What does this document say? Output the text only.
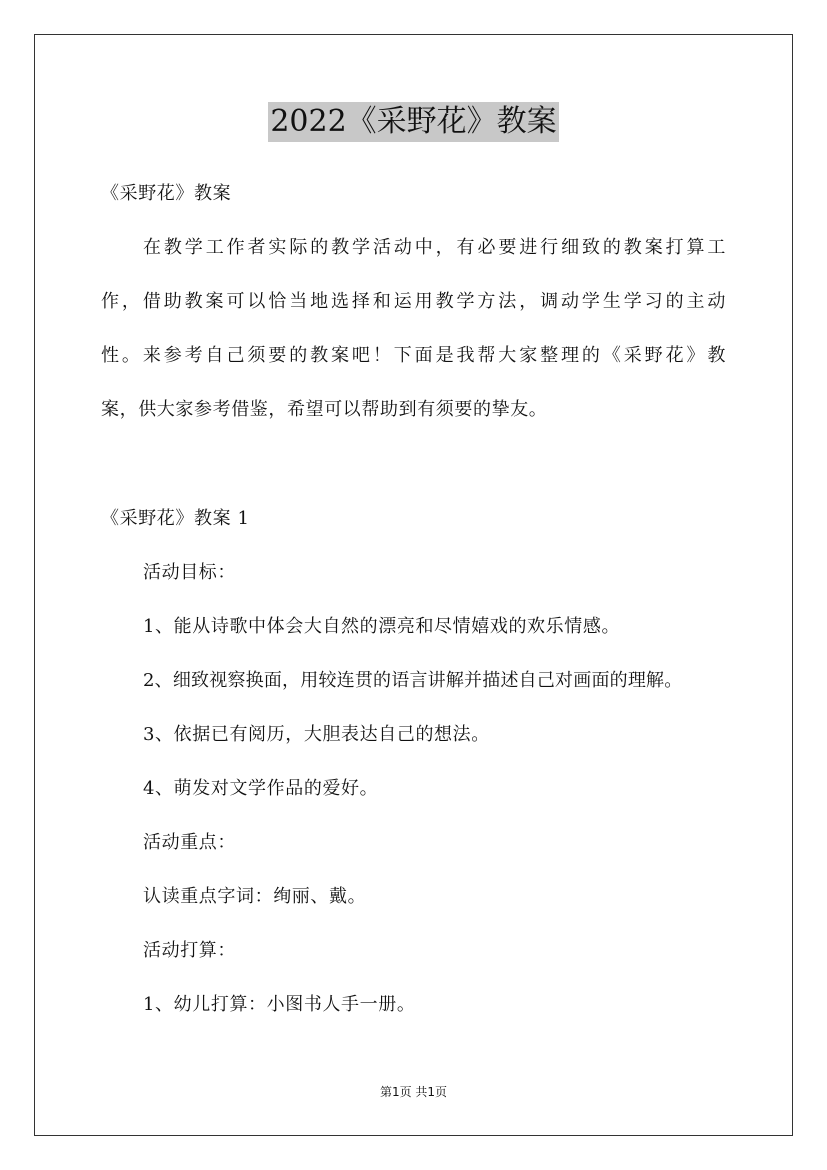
2022《采野花》教案
《采野花》教案
在教学工作者实际的教学活动中，有必要进行细致的教案打算工
作，借助教案可以恰当地选择和运用教学方法，调动学生学习的主动
性。来参考自己须要的教案吧！下面是我帮大家整理的《采野花》教
案，供大家参考借鉴，希望可以帮助到有须要的挚友。
《采野花》教案 1
活动目标：
1、能从诗歌中体会大自然的漂亮和尽情嬉戏的欢乐情感。
2、细致视察换面，用较连贯的语言讲解并描述自己对画面的理解。
3、依据已有阅历，大胆表达自己的想法。
4、萌发对文学作品的爱好。
活动重点：
认读重点字词：绚丽、戴。
活动打算：
1、幼儿打算：小图书人手一册。
第1页 共1页
